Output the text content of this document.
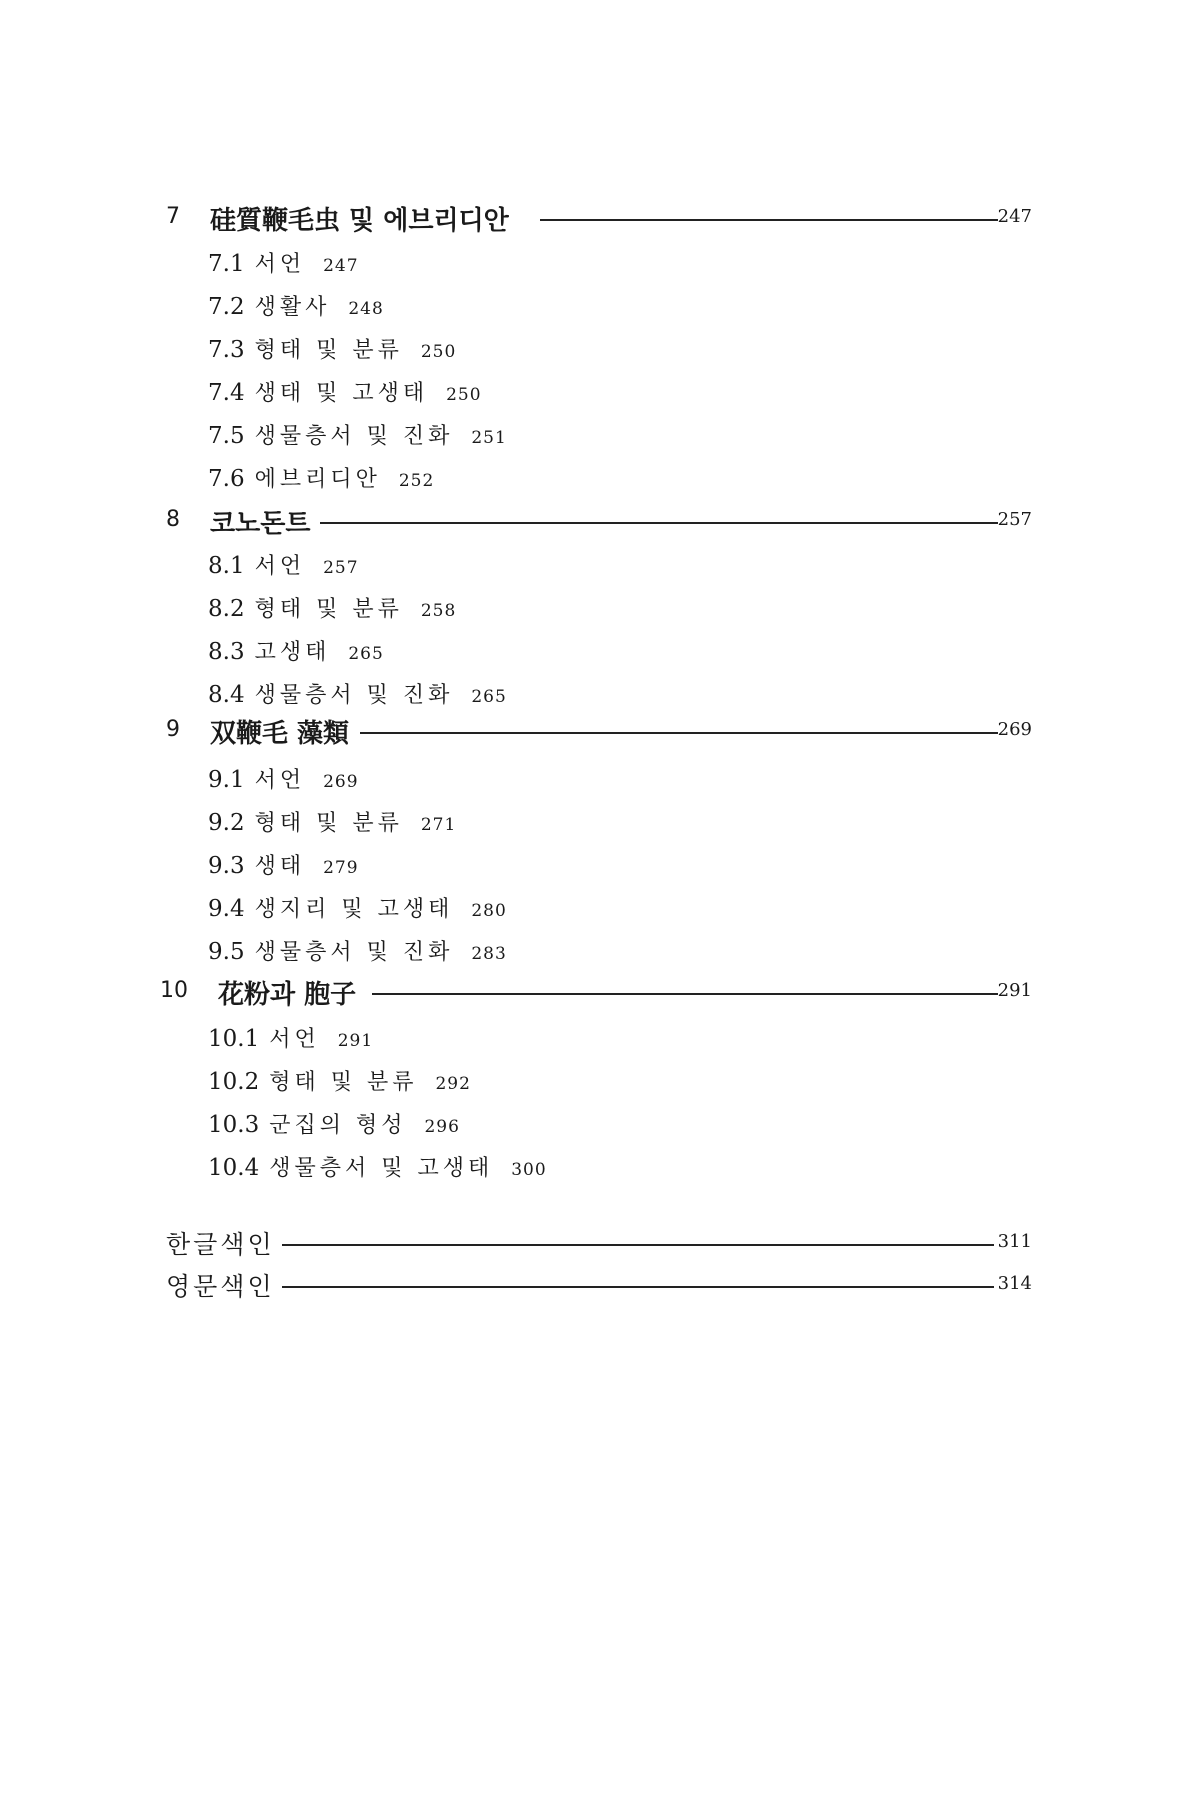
7 硅質鞭毛虫 및 에브리디안	247
7.1 서언 247
7.2 생활사 248
7.3 형태 및 분류 250
7.4 생태 및 고생태 250
7.5 생물층서 및 진화 251
7.6 에브리디안 252
8 코노돈트	257
8.1 서언 257
8.2 형태 및 분류 258
8.3 고생태 265
8.4 생물층서 및 진화 265
9 双鞭毛 藻類	269
9.1 서언 269
9.2 형태 및 분류 271
9.3 생태 279
9.4 생지리 및 고생태 280
9.5 생물층서 및 진화 283
10 花粉과 胞子	291
10.1 서언 291
10.2 형태 및 분류 292
10.3 군집의 형성 296
10.4 생물층서 및 고생태 300
한글색인	311
영문색인	314
